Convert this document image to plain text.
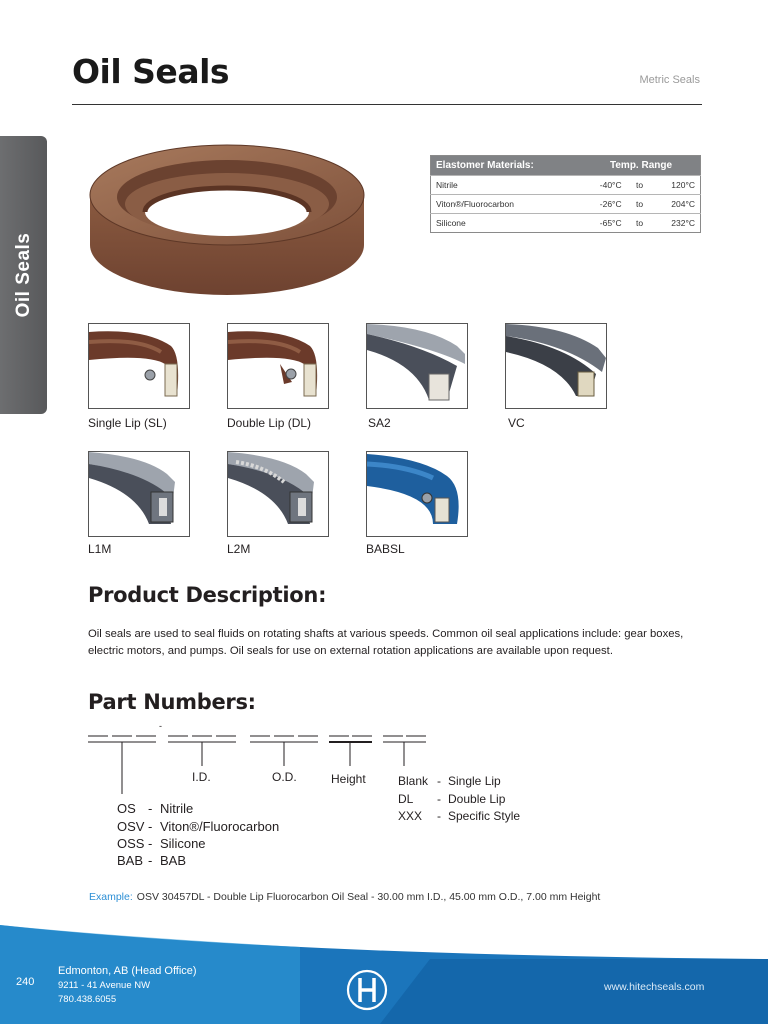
Oil Seals	Metric Seals
Oil Seals
Elastomer Materials:	Temp. Range		
Nitrile	-40°C	to	120°C
Viton®/Fluorocarbon	-26°C	to	204°C
Silicone	-65°C	to	232°C
Single Lip (SL)	Double Lip (DL)	SA2	VC
L1M	L2M	BABSL
Product Description:
Oil seals are used to seal fluids on rotating shafts at various speeds. Common oil seal applications include: gear boxes, electric motors, and pumps. Oil seals for use on external rotation applications are available upon request.
Part Numbers:
-
I.D.	O.D.	Height	Blank - Single Lip
DL - Double Lip
XXX - Specific Style
OS - Nitrile
OSV - Viton®/Fluorocarbon
OSS - Silicone
BAB - BAB
Example: OSV 30457DL - Double Lip Fluorocarbon Oil Seal - 30.00 mm I.D., 45.00 mm O.D., 7.00 mm Height
240
Edmonton, AB (Head Office)
9211 - 41 Avenue NW
780.438.6055
www.hitechseals.com
